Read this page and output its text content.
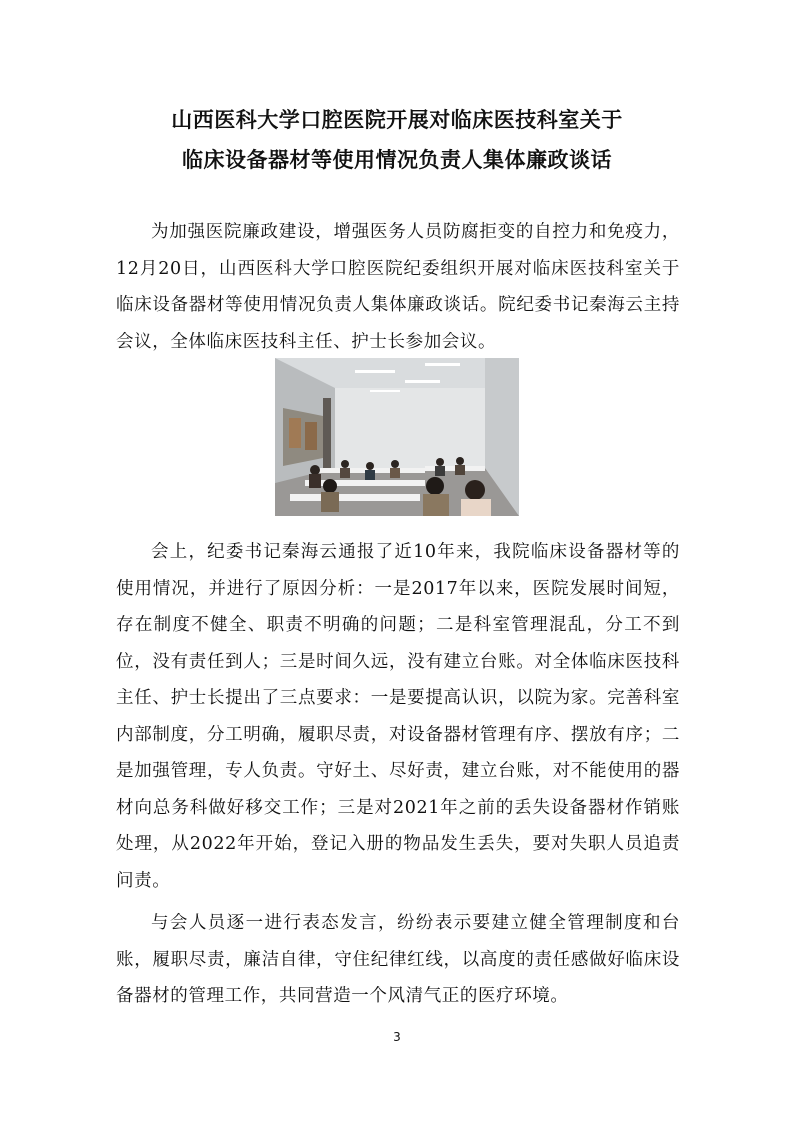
山西医科大学口腔医院开展对临床医技科室关于
临床设备器材等使用情况负责人集体廉政谈话

为加强医院廉政建设，增强医务人员防腐拒变的自控力和免疫力，12月20日，山西医科大学口腔医院纪委组织开展对临床医技科室关于临床设备器材等使用情况负责人集体廉政谈话。院纪委书记秦海云主持会议，全体临床医技科主任、护士长参加会议。

会上，纪委书记秦海云通报了近10年来，我院临床设备器材等的使用情况，并进行了原因分析：一是2017年以来，医院发展时间短，存在制度不健全、职责不明确的问题；二是科室管理混乱，分工不到位，没有责任到人；三是时间久远，没有建立台账。对全体临床医技科主任、护士长提出了三点要求：一是要提高认识，以院为家。完善科室内部制度，分工明确，履职尽责，对设备器材管理有序、摆放有序；二是加强管理，专人负责。守好土、尽好责，建立台账，对不能使用的器材向总务科做好移交工作；三是对2021年之前的丢失设备器材作销账处理，从2022年开始，登记入册的物品发生丢失，要对失职人员追责问责。

与会人员逐一进行表态发言，纷纷表示要建立健全管理制度和台账，履职尽责，廉洁自律，守住纪律红线，以高度的责任感做好临床设备器材的管理工作，共同营造一个风清气正的医疗环境。

3
